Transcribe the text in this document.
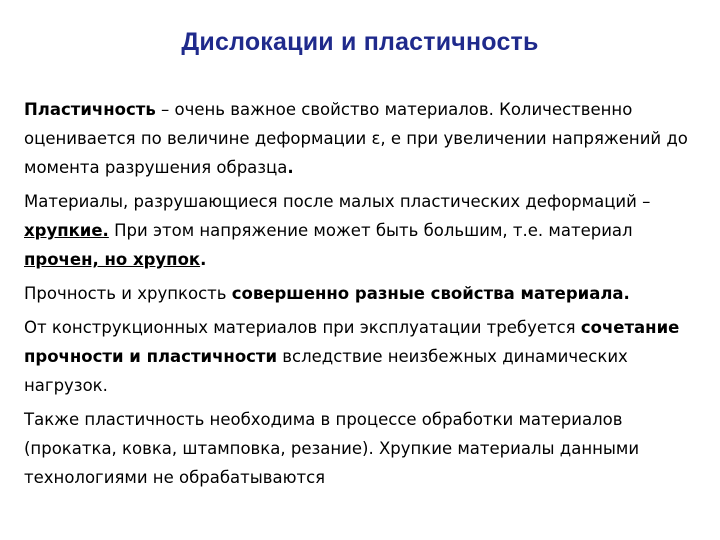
Дислокации и пластичность

Пластичность – очень важное свойство материалов. Количественно оценивается по величине деформации ε, е при увеличении напряжений до момента разрушения образца.

Материалы, разрушающиеся после малых пластических деформаций – хрупкие. При этом напряжение может быть большим, т.е. материал прочен, но хрупок.

Прочность и хрупкость совершенно разные свойства материала.

От конструкционных материалов при эксплуатации требуется сочетание прочности и пластичности вследствие неизбежных динамических нагрузок.

Также пластичность необходима в процессе обработки материалов (прокатка, ковка, штамповка, резание). Хрупкие материалы данными технологиями не обрабатываются
